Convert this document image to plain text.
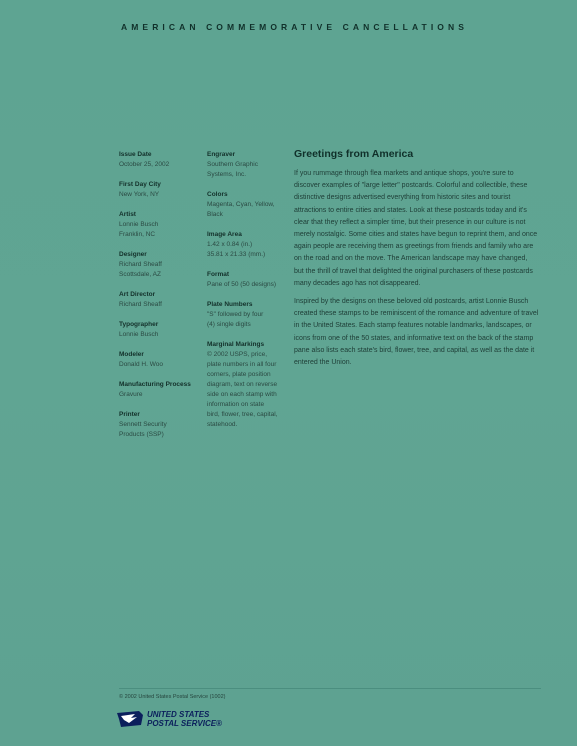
AMERICAN COMMEMORATIVE CANCELLATIONS
Issue Date
October 25, 2002
First Day City
New York, NY
Artist
Lonnie Busch
Franklin, NC
Designer
Richard Sheaff
Scottsdale, AZ
Art Director
Richard Sheaff
Typographer
Lonnie Busch
Modeler
Donald H. Woo
Manufacturing Process
Gravure
Printer
Sennett Security
Products (SSP)
Engraver
Southern Graphic
Systems, Inc.
Colors
Magenta, Cyan, Yellow,
Black
Image Area
1.42 x 0.84 (in.)
35.81 x 21.33 (mm.)
Format
Pane of 50 (50 designs)
Plate Numbers
"S" followed by four
(4) single digits
Marginal Markings
© 2002 USPS, price,
plate numbers in all four
corners, plate position
diagram, text on reverse
side on each stamp with
information on state
bird, flower, tree, capital,
statehood.
Greetings from America

If you rummage through flea markets and antique shops, you're sure to discover examples of "large letter" postcards. Colorful and collectible, these distinctive designs advertised everything from historic sites and tourist attractions to entire cities and states. Look at these postcards today and it's clear that they reflect a simpler time, but their presence in our culture is not merely nostalgic. Some cities and states have begun to reprint them, and once again people are receiving them as greetings from friends and family who are on the road and on the move. The American landscape may have changed, but the thrill of travel that delighted the original purchasers of these postcards many decades ago has not disappeared.

Inspired by the designs on these beloved old postcards, artist Lonnie Busch created these stamps to be reminiscent of the romance and adventure of travel in the United States. Each stamp features notable landmarks, landscapes, or icons from one of the 50 states, and informative text on the back of the stamp pane also lists each state's bird, flower, tree, and capital, as well as the date it entered the Union.

© 2002 United States Postal Service (1002)
UNITED STATES
POSTAL SERVICE®
